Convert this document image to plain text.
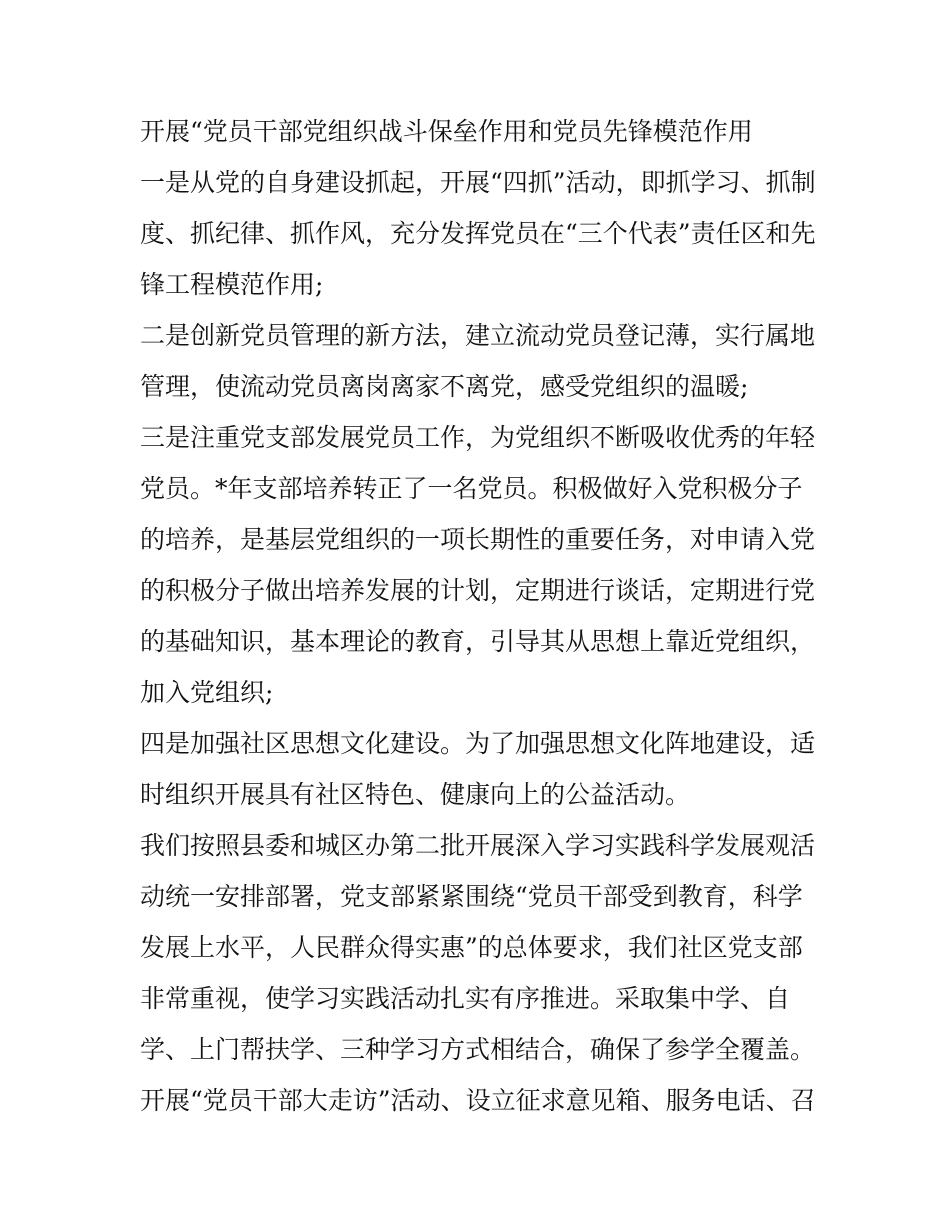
开展“党员干部党组织战斗保垒作用和党员先锋模范作用
一是从党的自身建设抓起，开展“四抓”活动，即抓学习、抓制
度、抓纪律、抓作风，充分发挥党员在“三个代表”责任区和先
锋工程模范作用;
二是创新党员管理的新方法，建立流动党员登记薄，实行属地
管理，使流动党员离岗离家不离党，感受党组织的温暖;
三是注重党支部发展党员工作，为党组织不断吸收优秀的年轻
党员。*年支部培养转正了一名党员。积极做好入党积极分子
的培养，是基层党组织的一项长期性的重要任务，对申请入党
的积极分子做出培养发展的计划，定期进行谈话，定期进行党
的基础知识，基本理论的教育，引导其从思想上靠近党组织，
加入党组织;
四是加强社区思想文化建设。为了加强思想文化阵地建设，适
时组织开展具有社区特色、健康向上的公益活动。
我们按照县委和城区办第二批开展深入学习实践科学发展观活
动统一安排部署，党支部紧紧围绕“党员干部受到教育，科学
发展上水平，人民群众得实惠”的总体要求，我们社区党支部
非常重视，使学习实践活动扎实有序推进。采取集中学、自
学、上门帮扶学、三种学习方式相结合，确保了参学全覆盖。
开展“党员干部大走访”活动、设立征求意见箱、服务电话、召
